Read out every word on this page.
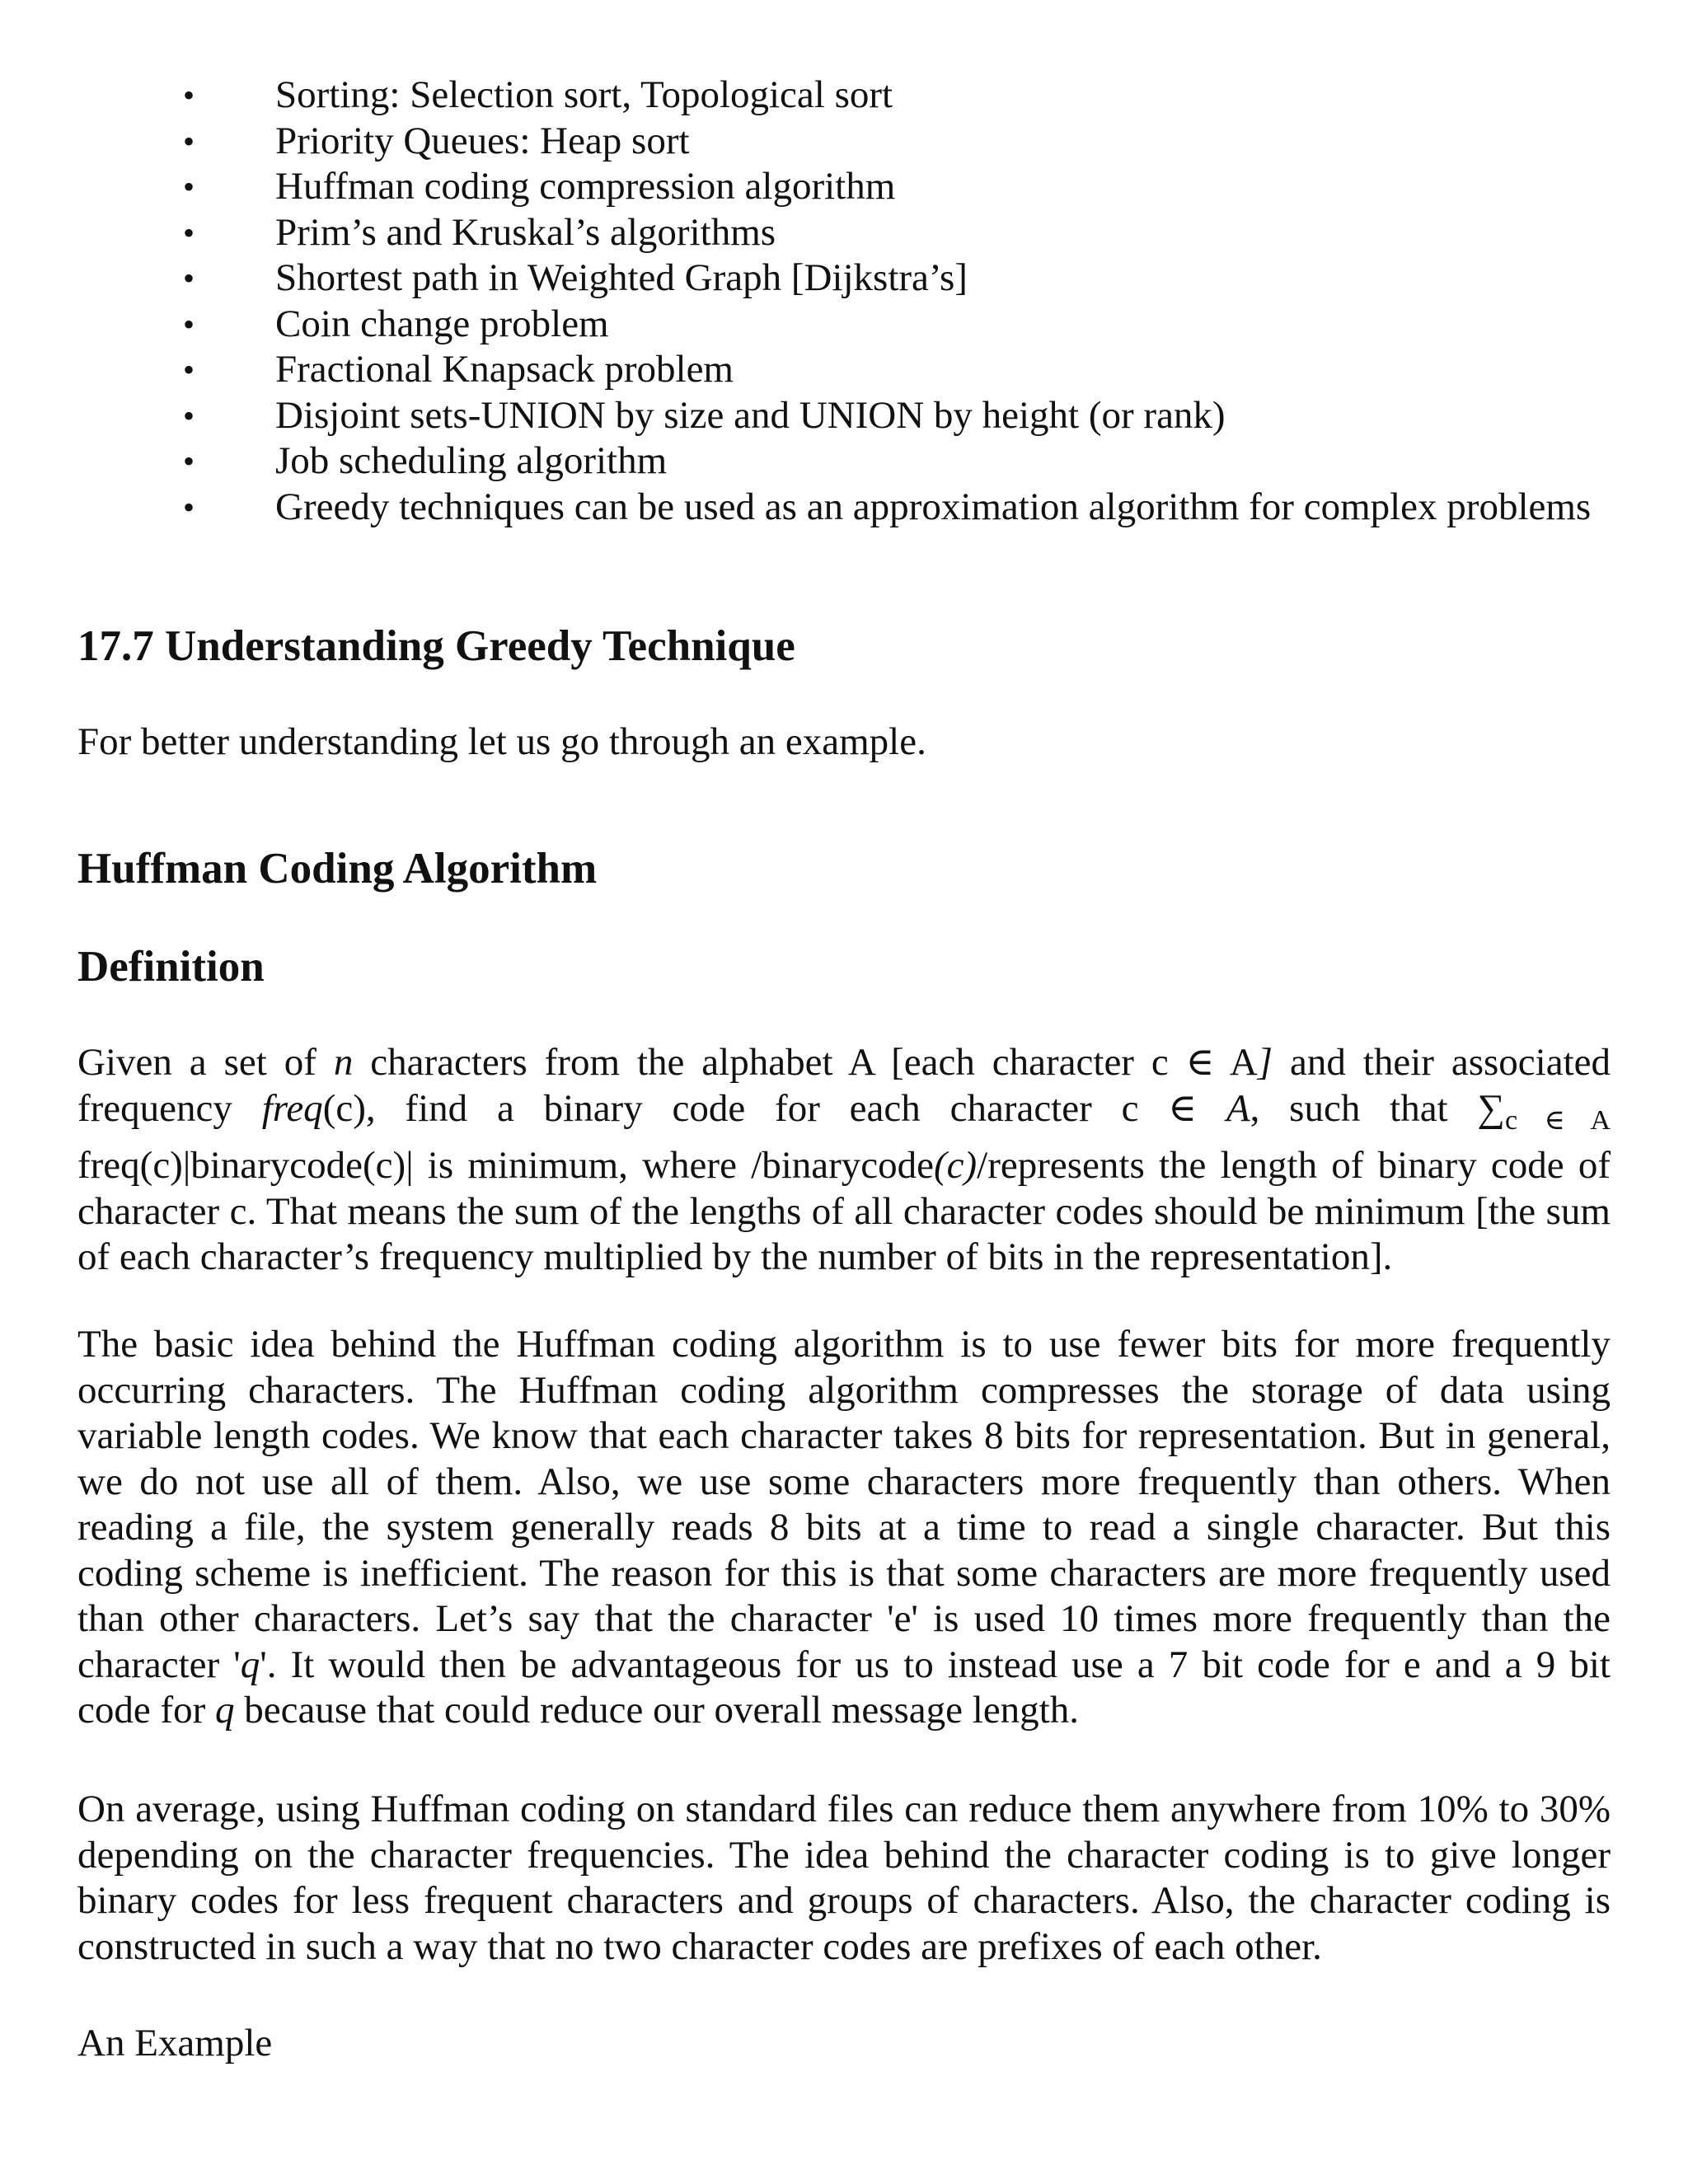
• Sorting: Selection sort, Topological sort
• Priority Queues: Heap sort
• Huffman coding compression algorithm
• Prim’s and Kruskal’s algorithms
• Shortest path in Weighted Graph [Dijkstra’s]
• Coin change problem
• Fractional Knapsack problem
• Disjoint sets-UNION by size and UNION by height (or rank)
• Job scheduling algorithm
• Greedy techniques can be used as an approximation algorithm for complex problems
17.7 Understanding Greedy Technique

For better understanding let us go through an example.

Huffman Coding Algorithm
Definition
Given a set of n characters from the alphabet A [each character c ∈ A] and their associated
frequency freq(c), find a binary code for each character c ∈ A, such that $\sum_{c \in A}$
freq(c)|binarycode(c)| is minimum, where /binarycode(c)/represents the length of binary code of
character c. That means the sum of the lengths of all character codes should be minimum [the sum
of each character’s frequency multiplied by the number of bits in the representation].
The basic idea behind the Huffman coding algorithm is to use fewer bits for more frequently
occurring characters. The Huffman coding algorithm compresses the storage of data using
variable length codes. We know that each character takes 8 bits for representation. But in general,
we do not use all of them. Also, we use some characters more frequently than others. When
reading a file, the system generally reads 8 bits at a time to read a single character. But this
coding scheme is inefficient. The reason for this is that some characters are more frequently used
than other characters. Let’s say that the character 'e' is used 10 times more frequently than the
character 'q'. It would then be advantageous for us to instead use a 7 bit code for e and a 9 bit
code for q because that could reduce our overall message length.
On average, using Huffman coding on standard files can reduce them anywhere from 10% to 30%
depending on the character frequencies. The idea behind the character coding is to give longer
binary codes for less frequent characters and groups of characters. Also, the character coding is
constructed in such a way that no two character codes are prefixes of each other.

An Example
